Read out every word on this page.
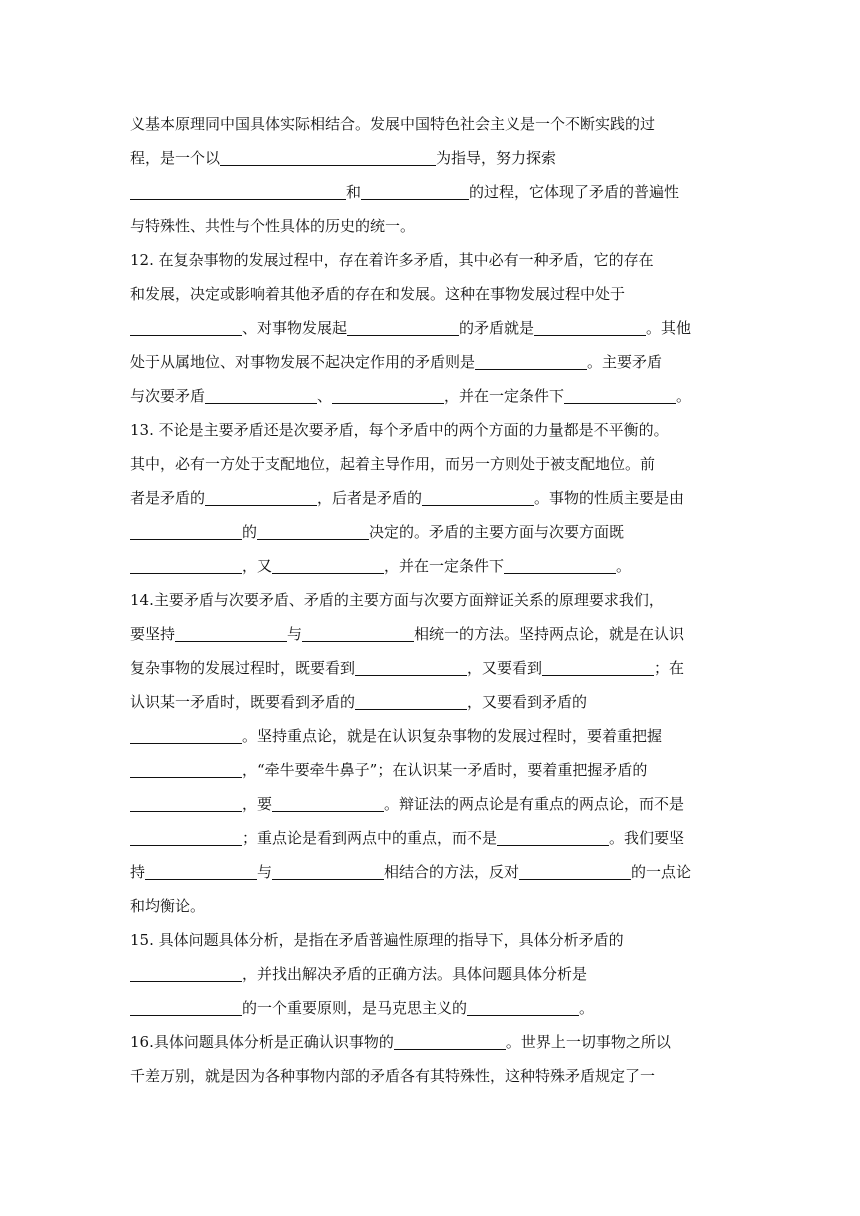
义基本原理同中国具体实际相结合。发展中国特色社会主义是一个不断实践的过
程，是一个以	为指导，努力探索
和	的过程，它体现了矛盾的普遍性
与特殊性、共性与个性具体的历史的统一。
12. 在复杂事物的发展过程中，存在着许多矛盾，其中必有一种矛盾，它的存在
和发展，决定或影响着其他矛盾的存在和发展。这种在事物发展过程中处于
、对事物发展起	的矛盾就是	。其他
处于从属地位、对事物发展不起决定作用的矛盾则是	。主要矛盾
与次要矛盾	、	，并在一定条件下	。
13. 不论是主要矛盾还是次要矛盾，每个矛盾中的两个方面的力量都是不平衡的。
其中，必有一方处于支配地位，起着主导作用，而另一方则处于被支配地位。前
者是矛盾的	，后者是矛盾的	。事物的性质主要是由
的	决定的。矛盾的主要方面与次要方面既
，又	，并在一定条件下	。
14.主要矛盾与次要矛盾、矛盾的主要方面与次要方面辩证关系的原理要求我们，
要坚持	与	相统一的方法。坚持两点论，就是在认识
复杂事物的发展过程时，既要看到	，又要看到	；在
认识某一矛盾时，既要看到矛盾的	，又要看到矛盾的
。坚持重点论，就是在认识复杂事物的发展过程时，要着重把握
，“牵牛要牵牛鼻子”；在认识某一矛盾时，要着重把握矛盾的
，要	。辩证法的两点论是有重点的两点论，而不是
；重点论是看到两点中的重点，而不是	。我们要坚
持	与	相结合的方法，反对	的一点论
和均衡论。
15. 具体问题具体分析，是指在矛盾普遍性原理的指导下，具体分析矛盾的
，并找出解决矛盾的正确方法。具体问题具体分析是
的一个重要原则，是马克思主义的	。
16.具体问题具体分析是正确认识事物的	。世界上一切事物之所以
千差万别，就是因为各种事物内部的矛盾各有其特殊性，这种特殊矛盾规定了一
